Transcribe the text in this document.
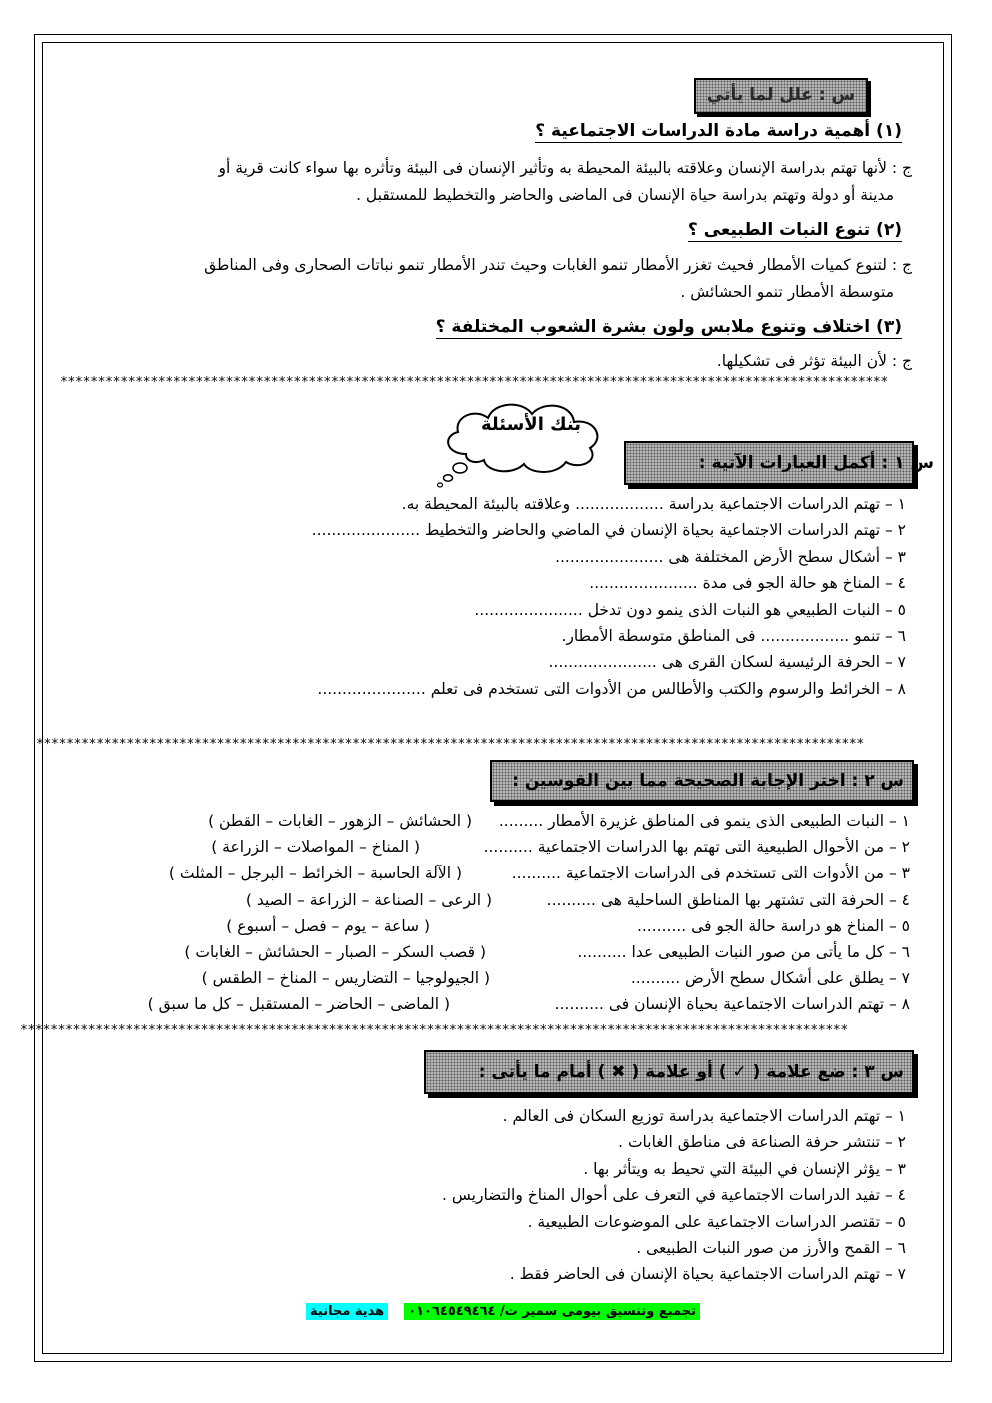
س : علل لما يأتي
(١) أهمية دراسة مادة الدراسات الاجتماعية ؟
ج : لأنها تهتم بدراسة الإنسان وعلاقته بالبيئة المحيطة به وتأثير الإنسان فى البيئة وتأثره بها سواء كانت قرية أو
مدينة أو دولة وتهتم بدراسة حياة الإنسان فى الماضى والحاضر والتخطيط للمستقبل .
(٢) تنوع النبات الطبيعى ؟
ج : لتنوع كميات الأمطار فحيث تغزر الأمطار تنمو الغابات وحيث تندر الأمطار تنمو نباتات الصحارى وفى المناطق
متوسطة الأمطار تنمو الحشائش .
(٣) اختلاف وتنوع ملابس ولون بشرة الشعوب المختلفة ؟
ج : لأن البيئة تؤثر فى تشكيلها.
**************************************************************************************************************
بنك الأسئلة
س ١ : أكمل العبارات الآتية :
١ – تهتم الدراسات الاجتماعية بدراسة .................. وعلاقته بالبيئة المحيطة به.
٢ – تهتم الدراسات الاجتماعية بحياة الإنسان في الماضي والحاضر والتخطيط ......................
٣ – أشكال سطح الأرض المختلفة هى ......................
٤ – المناخ هو حالة الجو فى مدة ......................
٥ – النبات الطبيعي هو النبات الذى ينمو دون تدخل ......................
٦ – تنمو .................. فى المناطق متوسطة الأمطار.
٧ – الحرفة الرئيسية لسكان القرى هى ......................
٨ – الخرائط والرسوم والكتب والأطالس من الأدوات التى تستخدم فى تعلم ......................
**************************************************************************************************************
س ٢ : اختر الإجابة الصحيحة مما بين القوسين :
١ – النبات الطبيعى الذى ينمو فى المناطق غزيرة الأمطار .........
( الحشائش – الزهور – الغابات – القطن )
٢ – من الأحوال الطبيعية التى تهتم بها الدراسات الاجتماعية ..........
( المناخ – المواصلات – الزراعة )
٣ – من الأدوات التى تستخدم فى الدراسات الاجتماعية ..........
( الآلة الحاسبة – الخرائط – البرجل – المثلث )
٤ – الحرفة التى تشتهر بها المناطق الساحلية هى ..........
( الرعى – الصناعة – الزراعة – الصيد )
٥ – المناخ هو دراسة حالة الجو فى ..........
( ساعة – يوم – فصل – أسبوع )
٦ – كل ما يأتى من صور النبات الطبيعى عدا ..........
( قصب السكر – الصبار – الحشائش – الغابات )
٧ – يطلق على أشكال سطح الأرض ..........
( الجيولوجيا – التضاريس – المناخ – الطقس )
٨ – تهتم الدراسات الاجتماعية بحياة الإنسان فى ..........
( الماضى – الحاضر – المستقبل – كل ما سبق )
**************************************************************************************************************
س ٣ : ضع علامة ( ✓ ) أو علامة ( ✖ ) أمام ما يأتى :
١ – تهتم الدراسات الاجتماعية بدراسة توزيع السكان فى العالم .
٢ – تنتشر حرفة الصناعة فى مناطق الغابات .
٣ – يؤثر الإنسان في البيئة التي تحيط به ويتأثر بها .
٤ – تفيد الدراسات الاجتماعية في التعرف على أحوال المناخ والتضاريس .
٥ – تقتصر الدراسات الاجتماعية على الموضوعات الطبيعية .
٦ – القمح والأرز من صور النبات الطبيعى .
٧ – تهتم الدراسات الاجتماعية بحياة الإنسان فى الحاضر فقط .
تجميع وتنسيق بيومى سمير ت/ ٠١٠٦٤٥٤٩٤٦٤هدية مجانية
